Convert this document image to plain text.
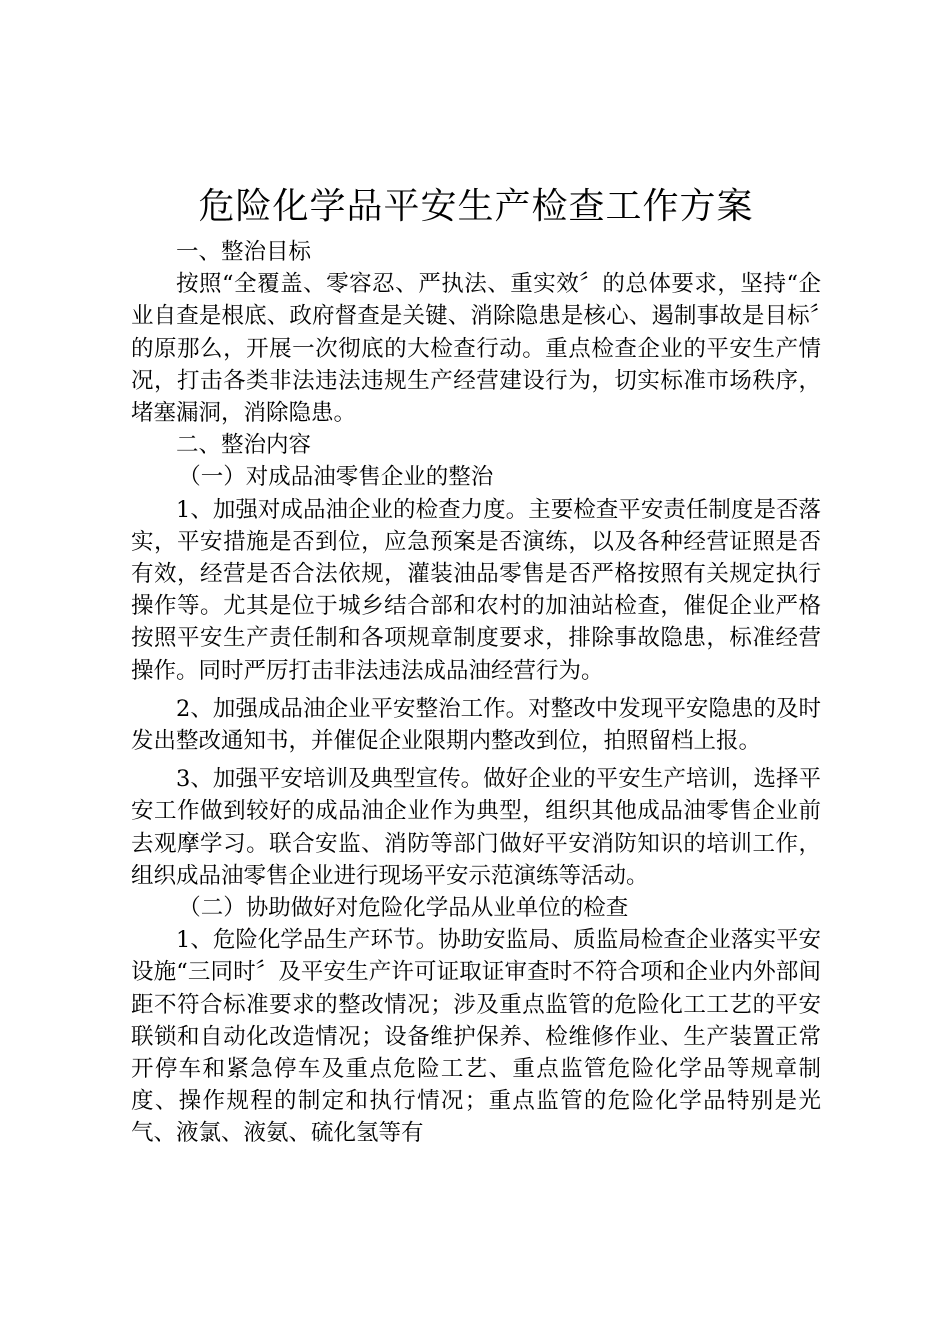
危险化学品平安生产检查工作方案

一、整治目标

按照“全覆盖、零容忍、严执法、重实效〞的总体要求，坚持“企业自查是根底、政府督查是关键、消除隐患是核心、遏制事故是目标〞的原那么，开展一次彻底的大检查行动。重点检查企业的平安生产情况，打击各类非法违法违规生产经营建设行为，切实标准市场秩序，堵塞漏洞，消除隐患。

二、整治内容

（一）对成品油零售企业的整治

1、加强对成品油企业的检查力度。主要检查平安责任制度是否落实，平安措施是否到位，应急预案是否演练，以及各种经营证照是否有效，经营是否合法依规，灌装油品零售是否严格按照有关规定执行操作等。尤其是位于城乡结合部和农村的加油站检查，催促企业严格按照平安生产责任制和各项规章制度要求，排除事故隐患，标准经营操作。同时严厉打击非法违法成品油经营行为。

2、加强成品油企业平安整治工作。对整改中发现平安隐患的及时发出整改通知书，并催促企业限期内整改到位，拍照留档上报。

3、加强平安培训及典型宣传。做好企业的平安生产培训，选择平安工作做到较好的成品油企业作为典型，组织其他成品油零售企业前去观摩学习。联合安监、消防等部门做好平安消防知识的培训工作，组织成品油零售企业进行现场平安示范演练等活动。

（二）协助做好对危险化学品从业单位的检查

1、危险化学品生产环节。协助安监局、质监局检查企业落实平安设施“三同时〞及平安生产许可证取证审查时不符合项和企业内外部间距不符合标准要求的整改情况；涉及重点监管的危险化工工艺的平安联锁和自动化改造情况；设备维护保养、检维修作业、生产装置正常开停车和紧急停车及重点危险工艺、重点监管危险化学品等规章制度、操作规程的制定和执行情况；重点监管的危险化学品特别是光气、液氯、液氨、硫化氢等有
